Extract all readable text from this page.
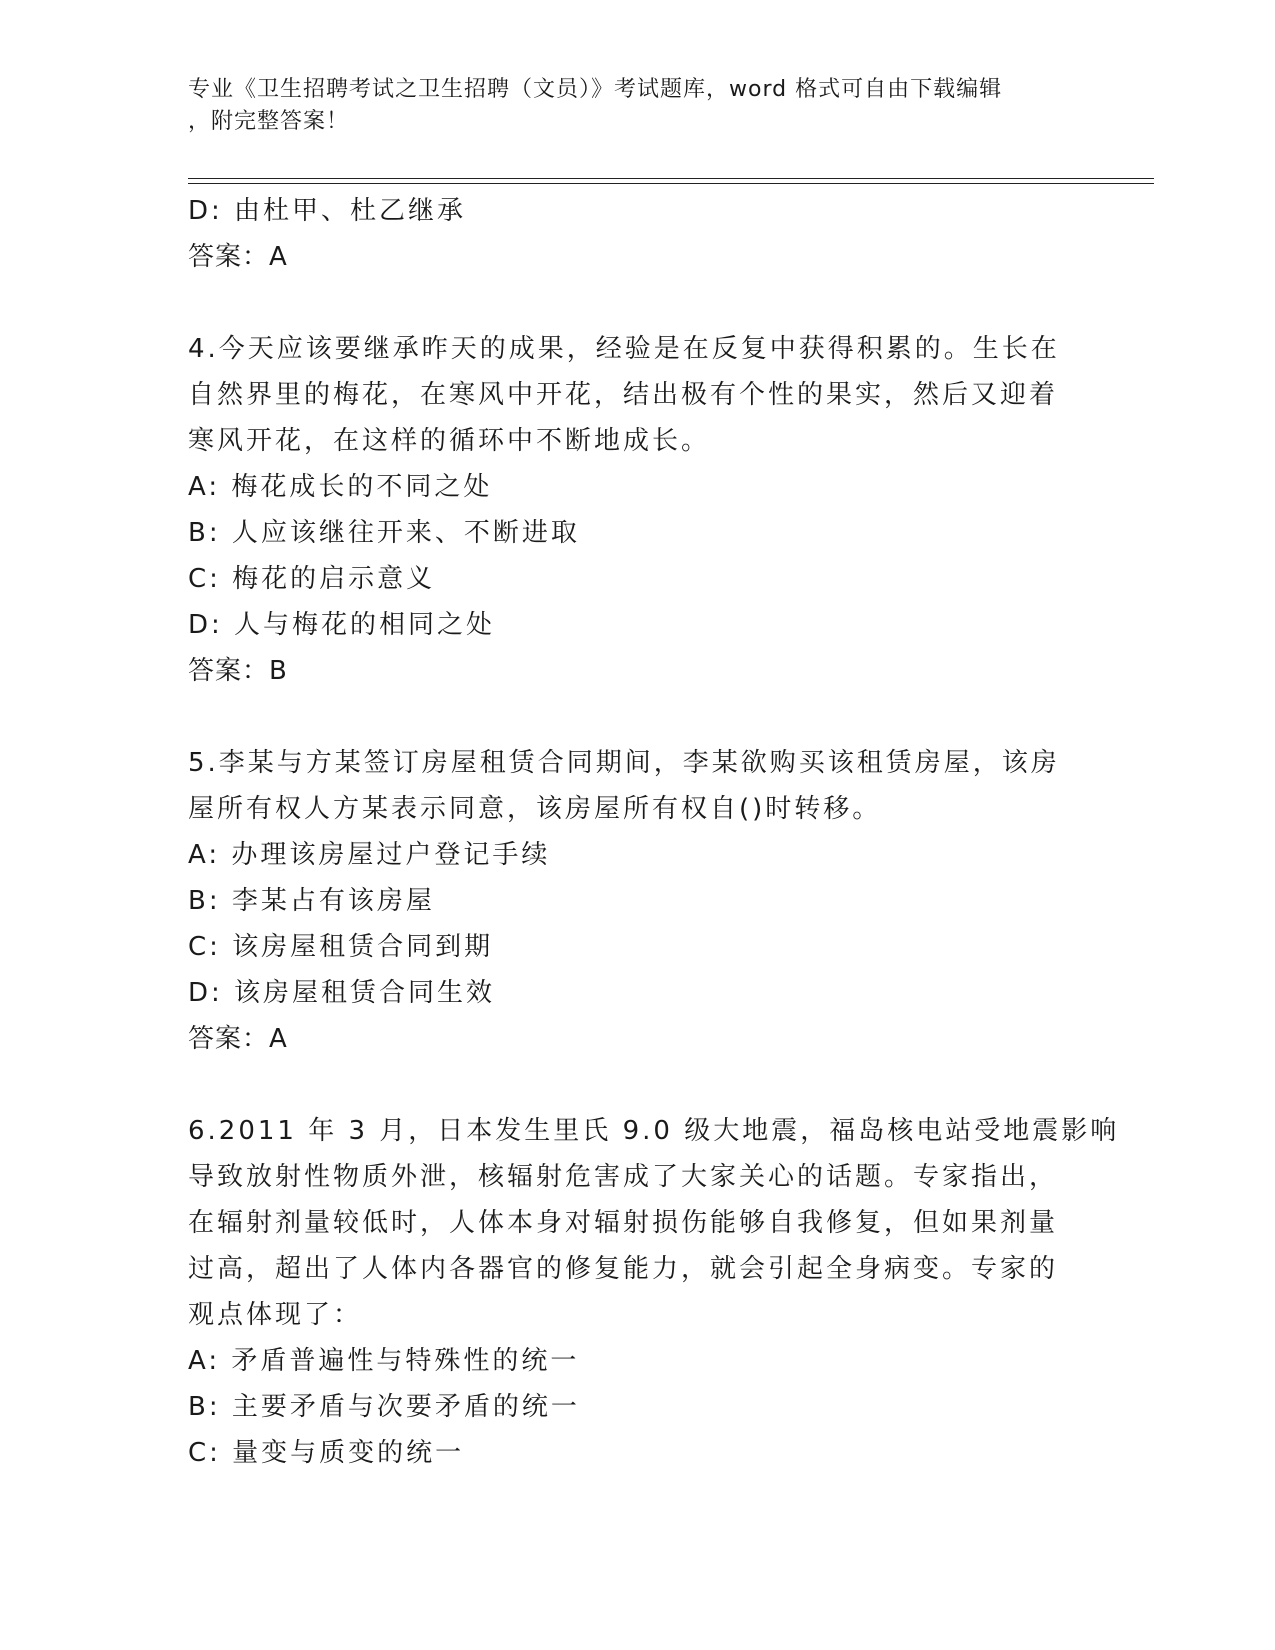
专业《卫生招聘考试之卫生招聘（文员）》考试题库，word 格式可自由下载编辑
，附完整答案！
D: 由杜甲、杜乙继承
答案：A
4.今天应该要继承昨天的成果，经验是在反复中获得积累的。生长在
自然界里的梅花，在寒风中开花，结出极有个性的果实，然后又迎着
寒风开花，在这样的循环中不断地成长。
A: 梅花成长的不同之处
B: 人应该继往开来、不断进取
C: 梅花的启示意义
D: 人与梅花的相同之处
答案：B
5.李某与方某签订房屋租赁合同期间，李某欲购买该租赁房屋，该房
屋所有权人方某表示同意，该房屋所有权自()时转移。
A: 办理该房屋过户登记手续
B: 李某占有该房屋
C: 该房屋租赁合同到期
D: 该房屋租赁合同生效
答案：A
6.2011 年 3 月，日本发生里氏 9.0 级大地震，福岛核电站受地震影响
导致放射性物质外泄，核辐射危害成了大家关心的话题。专家指出，
在辐射剂量较低时，人体本身对辐射损伤能够自我修复，但如果剂量
过高，超出了人体内各器官的修复能力，就会引起全身病变。专家的
观点体现了：
A: 矛盾普遍性与特殊性的统一
B: 主要矛盾与次要矛盾的统一
C: 量变与质变的统一
